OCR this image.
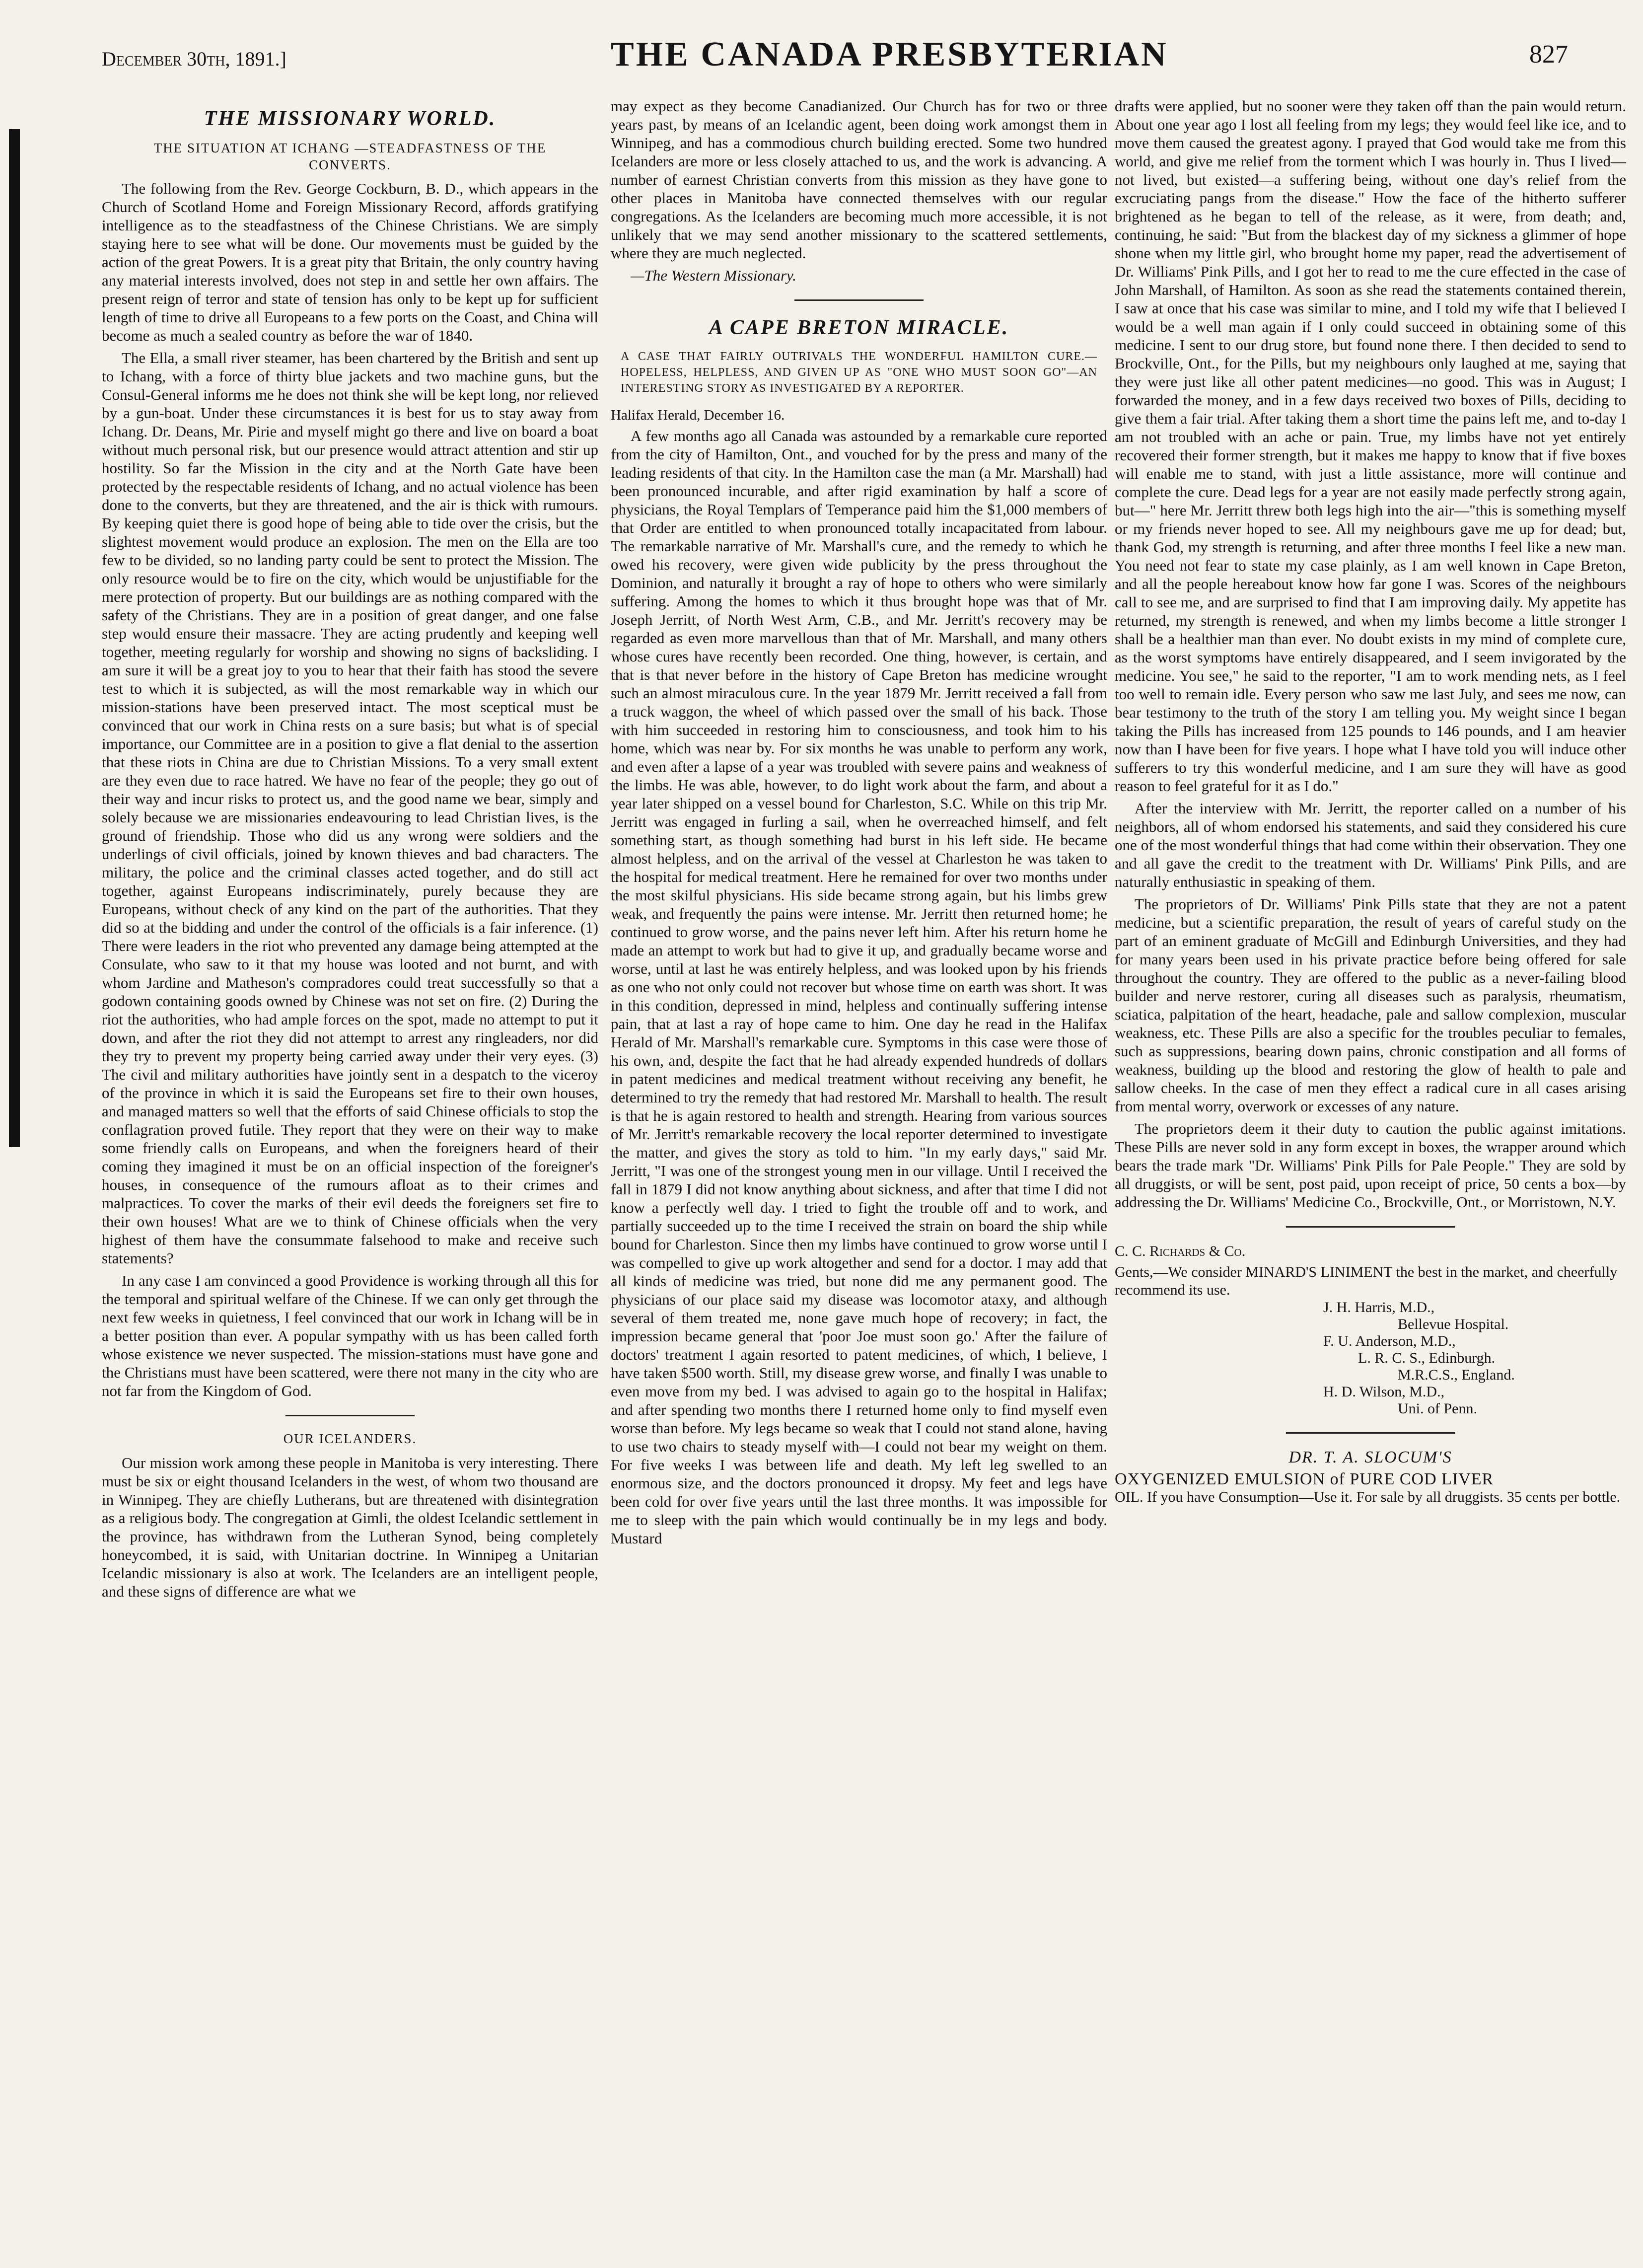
December 30th, 1891.]	THE CANADA PRESBYTERIAN	827
THE MISSIONARY WORLD.
THE SITUATION AT ICHANG —STEADFASTNESS OF THE CONVERTS.

The following from the Rev. George Cockburn, B. D., which appears in the Church of Scotland Home and Foreign Missionary Record, affords gratifying intelligence as to the steadfastness of the Chinese Christians. We are simply staying here to see what will be done. Our movements must be guided by the action of the great Powers. It is a great pity that Britain, the only country having any material interests involved, does not step in and settle her own affairs. The present reign of terror and state of tension has only to be kept up for sufficient length of time to drive all Europeans to a few ports on the Coast, and China will become as much a sealed country as before the war of 1840.

The Ella, a small river steamer, has been chartered by the British and sent up to Ichang, with a force of thirty blue jackets and two machine guns, but the Consul-General informs me he does not think she will be kept long, nor relieved by a gun-boat. Under these circumstances it is best for us to stay away from Ichang. Dr. Deans, Mr. Pirie and myself might go there and live on board a boat without much personal risk, but our presence would attract attention and stir up hostility. So far the Mission in the city and at the North Gate have been protected by the respectable residents of Ichang, and no actual violence has been done to the converts, but they are threatened, and the air is thick with rumours. By keeping quiet there is good hope of being able to tide over the crisis, but the slightest movement would produce an explosion. The men on the Ella are too few to be divided, so no landing party could be sent to protect the Mission. The only resource would be to fire on the city, which would be unjustifiable for the mere protection of property. But our buildings are as nothing compared with the safety of the Christians. They are in a position of great danger, and one false step would ensure their massacre. They are acting prudently and keeping well together, meeting regularly for worship and showing no signs of backsliding. I am sure it will be a great joy to you to hear that their faith has stood the severe test to which it is subjected, as will the most remarkable way in which our mission-stations have been preserved intact. The most sceptical must be convinced that our work in China rests on a sure basis; but what is of special importance, our Committee are in a position to give a flat denial to the assertion that these riots in China are due to Christian Missions. To a very small extent are they even due to race hatred. We have no fear of the people; they go out of their way and incur risks to protect us, and the good name we bear, simply and solely because we are missionaries endeavouring to lead Christian lives, is the ground of friendship. Those who did us any wrong were soldiers and the underlings of civil officials, joined by known thieves and bad characters. The military, the police and the criminal classes acted together, and do still act together, against Europeans indiscriminately, purely because they are Europeans, without check of any kind on the part of the authorities. That they did so at the bidding and under the control of the officials is a fair inference. (1) There were leaders in the riot who prevented any damage being attempted at the Consulate, who saw to it that my house was looted and not burnt, and with whom Jardine and Matheson's compradores could treat successfully so that a godown containing goods owned by Chinese was not set on fire. (2) During the riot the authorities, who had ample forces on the spot, made no attempt to put it down, and after the riot they did not attempt to arrest any ringleaders, nor did they try to prevent my property being carried away under their very eyes. (3) The civil and military authorities have jointly sent in a despatch to the viceroy of the province in which it is said the Europeans set fire to their own houses, and managed matters so well that the efforts of said Chinese officials to stop the conflagration proved futile. They report that they were on their way to make some friendly calls on Europeans, and when the foreigners heard of their coming they imagined it must be on an official inspection of the foreigner's houses, in consequence of the rumours afloat as to their crimes and malpractices. To cover the marks of their evil deeds the foreigners set fire to their own houses! What are we to think of Chinese officials when the very highest of them have the consummate falsehood to make and receive such statements?

In any case I am convinced a good Providence is working through all this for the temporal and spiritual welfare of the Chinese. If we can only get through the next few weeks in quietness, I feel convinced that our work in Ichang will be in a better position than ever. A popular sympathy with us has been called forth whose existence we never suspected. The mission-stations must have gone and the Christians must have been scattered, were there not many in the city who are not far from the Kingdom of God.

OUR ICELANDERS.

Our mission work among these people in Manitoba is very interesting. There must be six or eight thousand Icelanders in the west, of whom two thousand are in Winnipeg. They are chiefly Lutherans, but are threatened with disintegration as a religious body. The congregation at Gimli, the oldest Icelandic settlement in the province, has withdrawn from the Lutheran Synod, being completely honeycombed, it is said, with Unitarian doctrine. In Winnipeg a Unitarian Icelandic missionary is also at work. The Icelanders are an intelligent people, and these signs of difference are what we

may expect as they become Canadianized. Our Church has for two or three years past, by means of an Icelandic agent, been doing work amongst them in Winnipeg, and has a commodious church building erected. Some two hundred Icelanders are more or less closely attached to us, and the work is advancing. A number of earnest Christian converts from this mission as they have gone to other places in Manitoba have connected themselves with our regular congregations. As the Icelanders are becoming much more accessible, it is not unlikely that we may send another missionary to the scattered settlements, where they are much neglected.

—The Western Missionary.

A CAPE BRETON MIRACLE.
A CASE THAT FAIRLY OUTRIVALS THE WONDERFUL HAMILTON CURE.—HOPELESS, HELPLESS, AND GIVEN UP AS "ONE WHO MUST SOON GO"—AN INTERESTING STORY AS INVESTIGATED BY A REPORTER.
Halifax Herald, December 16.

A few months ago all Canada was astounded by a remarkable cure reported from the city of Hamilton, Ont., and vouched for by the press and many of the leading residents of that city. In the Hamilton case the man (a Mr. Marshall) had been pronounced incurable, and after rigid examination by half a score of physicians, the Royal Templars of Temperance paid him the $1,000 members of that Order are entitled to when pronounced totally incapacitated from labour. The remarkable narrative of Mr. Marshall's cure, and the remedy to which he owed his recovery, were given wide publicity by the press throughout the Dominion, and naturally it brought a ray of hope to others who were similarly suffering. Among the homes to which it thus brought hope was that of Mr. Joseph Jerritt, of North West Arm, C.B., and Mr. Jerritt's recovery may be regarded as even more marvellous than that of Mr. Marshall, and many others whose cures have recently been recorded. One thing, however, is certain, and that is that never before in the history of Cape Breton has medicine wrought such an almost miraculous cure. In the year 1879 Mr. Jerritt received a fall from a truck waggon, the wheel of which passed over the small of his back. Those with him succeeded in restoring him to consciousness, and took him to his home, which was near by. For six months he was unable to perform any work, and even after a lapse of a year was troubled with severe pains and weakness of the limbs. He was able, however, to do light work about the farm, and about a year later shipped on a vessel bound for Charleston, S.C. While on this trip Mr. Jerritt was engaged in furling a sail, when he overreached himself, and felt something start, as though something had burst in his left side. He became almost helpless, and on the arrival of the vessel at Charleston he was taken to the hospital for medical treatment. Here he remained for over two months under the most skilful physicians. His side became strong again, but his limbs grew weak, and frequently the pains were intense. Mr. Jerritt then returned home; he continued to grow worse, and the pains never left him. After his return home he made an attempt to work but had to give it up, and gradually became worse and worse, until at last he was entirely helpless, and was looked upon by his friends as one who not only could not recover but whose time on earth was short. It was in this condition, depressed in mind, helpless and continually suffering intense pain, that at last a ray of hope came to him. One day he read in the Halifax Herald of Mr. Marshall's remarkable cure. Symptoms in this case were those of his own, and, despite the fact that he had already expended hundreds of dollars in patent medicines and medical treatment without receiving any benefit, he determined to try the remedy that had restored Mr. Marshall to health. The result is that he is again restored to health and strength. Hearing from various sources of Mr. Jerritt's remarkable recovery the local reporter determined to investigate the matter, and gives the story as told to him. "In my early days," said Mr. Jerritt, "I was one of the strongest young men in our village. Until I received the fall in 1879 I did not know anything about sickness, and after that time I did not know a perfectly well day. I tried to fight the trouble off and to work, and partially succeeded up to the time I received the strain on board the ship while bound for Charleston. Since then my limbs have continued to grow worse until I was compelled to give up work altogether and send for a doctor. I may add that all kinds of medicine was tried, but none did me any permanent good. The physicians of our place said my disease was locomotor ataxy, and although several of them treated me, none gave much hope of recovery; in fact, the impression became general that 'poor Joe must soon go.' After the failure of doctors' treatment I again resorted to patent medicines, of which, I believe, I have taken $500 worth. Still, my disease grew worse, and finally I was unable to even move from my bed. I was advised to again go to the hospital in Halifax; and after spending two months there I returned home only to find myself even worse than before. My legs became so weak that I could not stand alone, having to use two chairs to steady myself with—I could not bear my weight on them. For five weeks I was between life and death. My left leg swelled to an enormous size, and the doctors pronounced it dropsy. My feet and legs have been cold for over five years until the last three months. It was impossible for me to sleep with the pain which would continually be in my legs and body. Mustard

drafts were applied, but no sooner were they taken off than the pain would return. About one year ago I lost all feeling from my legs; they would feel like ice, and to move them caused the greatest agony. I prayed that God would take me from this world, and give me relief from the torment which I was hourly in. Thus I lived—not lived, but existed—a suffering being, without one day's relief from the excruciating pangs from the disease." How the face of the hitherto sufferer brightened as he began to tell of the release, as it were, from death; and, continuing, he said: "But from the blackest day of my sickness a glimmer of hope shone when my little girl, who brought home my paper, read the advertisement of Dr. Williams' Pink Pills, and I got her to read to me the cure effected in the case of John Marshall, of Hamilton. As soon as she read the statements contained therein, I saw at once that his case was similar to mine, and I told my wife that I believed I would be a well man again if I only could succeed in obtaining some of this medicine. I sent to our drug store, but found none there. I then decided to send to Brockville, Ont., for the Pills, but my neighbours only laughed at me, saying that they were just like all other patent medicines—no good. This was in August; I forwarded the money, and in a few days received two boxes of Pills, deciding to give them a fair trial. After taking them a short time the pains left me, and to-day I am not troubled with an ache or pain. True, my limbs have not yet entirely recovered their former strength, but it makes me happy to know that if five boxes will enable me to stand, with just a little assistance, more will continue and complete the cure. Dead legs for a year are not easily made perfectly strong again, but—" here Mr. Jerritt threw both legs high into the air—"this is something myself or my friends never hoped to see. All my neighbours gave me up for dead; but, thank God, my strength is returning, and after three months I feel like a new man. You need not fear to state my case plainly, as I am well known in Cape Breton, and all the people hereabout know how far gone I was. Scores of the neighbours call to see me, and are surprised to find that I am improving daily. My appetite has returned, my strength is renewed, and when my limbs become a little stronger I shall be a healthier man than ever. No doubt exists in my mind of complete cure, as the worst symptoms have entirely disappeared, and I seem invigorated by the medicine. You see," he said to the reporter, "I am to work mending nets, as I feel too well to remain idle. Every person who saw me last July, and sees me now, can bear testimony to the truth of the story I am telling you. My weight since I began taking the Pills has increased from 125 pounds to 146 pounds, and I am heavier now than I have been for five years. I hope what I have told you will induce other sufferers to try this wonderful medicine, and I am sure they will have as good reason to feel grateful for it as I do."

After the interview with Mr. Jerritt, the reporter called on a number of his neighbors, all of whom endorsed his statements, and said they considered his cure one of the most wonderful things that had come within their observation. They one and all gave the credit to the treatment with Dr. Williams' Pink Pills, and are naturally enthusiastic in speaking of them.

The proprietors of Dr. Williams' Pink Pills state that they are not a patent medicine, but a scientific preparation, the result of years of careful study on the part of an eminent graduate of McGill and Edinburgh Universities, and they had for many years been used in his private practice before being offered for sale throughout the country. They are offered to the public as a never-failing blood builder and nerve restorer, curing all diseases such as paralysis, rheumatism, sciatica, palpitation of the heart, headache, pale and sallow complexion, muscular weakness, etc. These Pills are also a specific for the troubles peculiar to females, such as suppressions, bearing down pains, chronic constipation and all forms of weakness, building up the blood and restoring the glow of health to pale and sallow cheeks. In the case of men they effect a radical cure in all cases arising from mental worry, overwork or excesses of any nature.

The proprietors deem it their duty to caution the public against imitations. These Pills are never sold in any form except in boxes, the wrapper around which bears the trade mark "Dr. Williams' Pink Pills for Pale People." They are sold by all druggists, or will be sent, post paid, upon receipt of price, 50 cents a box—by addressing the Dr. Williams' Medicine Co., Brockville, Ont., or Morristown, N.Y.

C. C. Richards & Co.
Gents,—We consider MINARD'S LINIMENT the best in the market, and cheerfully recommend its use.
J. H. Harris, M.D.,
Bellevue Hospital.
F. U. Anderson, M.D.,
L. R. C. S., Edinburgh.
M.R.C.S., England.
H. D. Wilson, M.D.,
Uni. of Penn.
DR. T. A. SLOCUM'S
OXYGENIZED EMULSION of PURE COD LIVER
OIL. If you have Consumption—Use it. For sale by all druggists. 35 cents per bottle.
